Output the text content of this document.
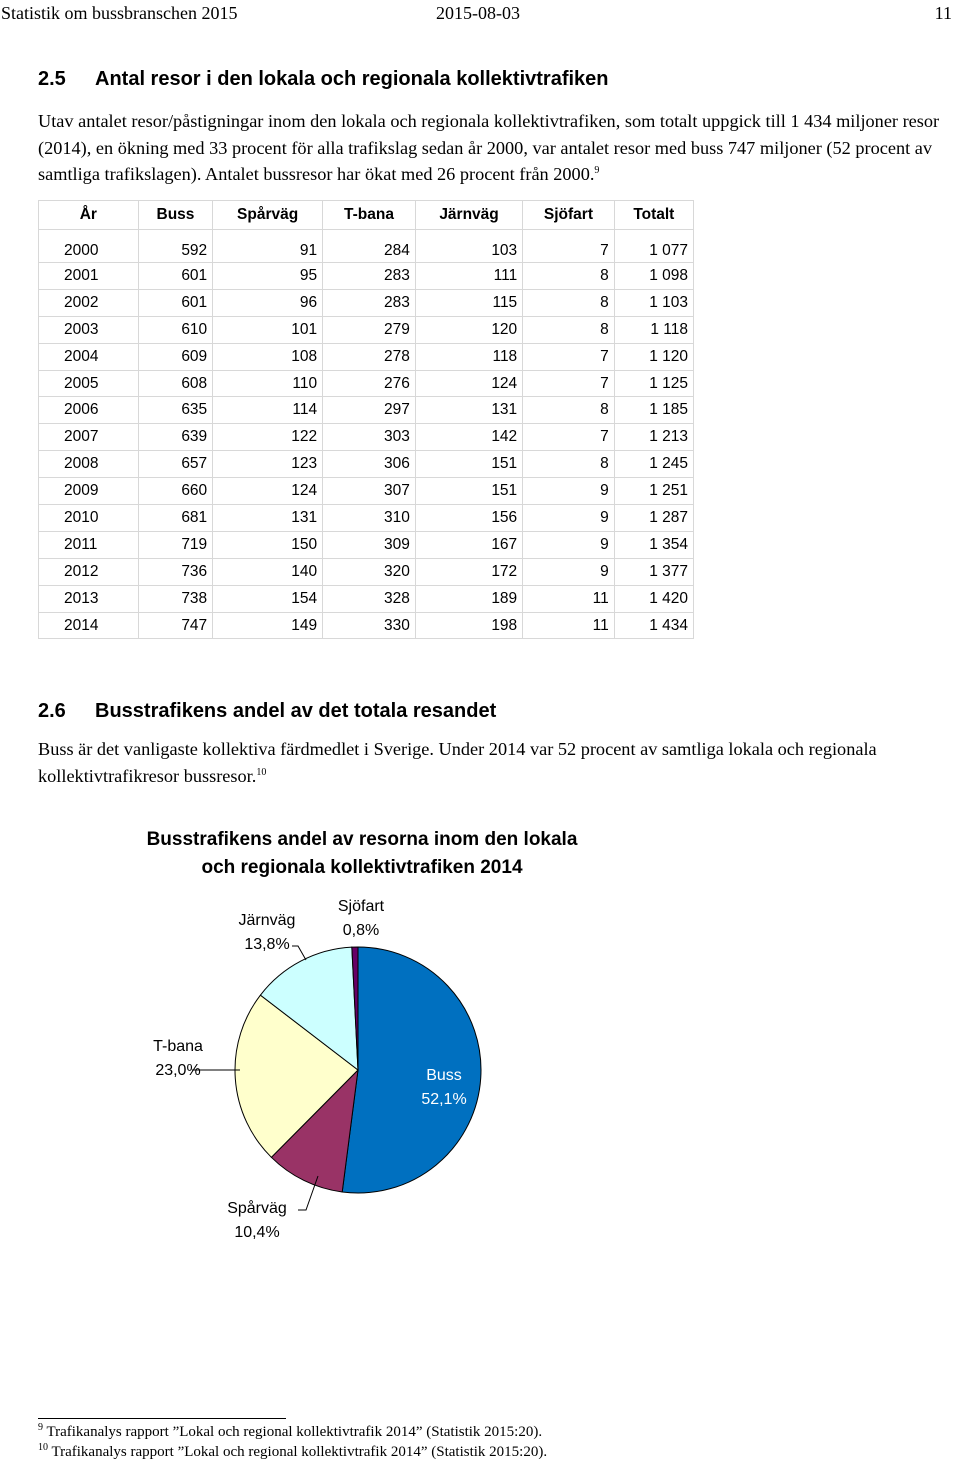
Statistik om bussbranschen 2015	2015-08-03	11
2.5 Antal resor i den lokala och regionala kollektivtrafiken
Utav antalet resor/påstigningar inom den lokala och regionala kollektivtrafiken, som totalt uppgick till 1 434 miljoner resor (2014), en ökning med 33 procent för alla trafikslag sedan år 2000, var antalet resor med buss 747 miljoner (52 procent av samtliga trafikslagen). Antalet bussresor har ökat med 26 procent från 2000.$^9$
År	Buss	Spårväg	T-bana	Järnväg	Sjöfart	Totalt
2000	592	91	284	103	7	1 077
2001	601	95	283	111	8	1 098
2002	601	96	283	115	8	1 103
2003	610	101	279	120	8	1 118
2004	609	108	278	118	7	1 120
2005	608	110	276	124	7	1 125
2006	635	114	297	131	8	1 185
2007	639	122	303	142	7	1 213
2008	657	123	306	151	8	1 245
2009	660	124	307	151	9	1 251
2010	681	131	310	156	9	1 287
2011	719	150	309	167	9	1 354
2012	736	140	320	172	9	1 377
2013	738	154	328	189	11	1 420
2014	747	149	330	198	11	1 434
2.6 Busstrafikens andel av det totala resandet
Buss är det vanligaste kollektiva färdmedlet i Sverige. Under 2014 var 52 procent av samtliga lokala och regionala kollektivtrafikresor bussresor.$^{10}$
Busstrafikens andel av resorna inom den lokala
och regionala kollektivtrafiken 2014
Buss
52,1%
Spårväg
10,4%
T-bana
23,0%
Järnväg
13,8%
Sjöfart
0,8%
$^9$ Trafikanalys rapport ”Lokal och regional kollektivtrafik 2014” (Statistik 2015:20).
$^{10}$ Trafikanalys rapport ”Lokal och regional kollektivtrafik 2014” (Statistik 2015:20).
